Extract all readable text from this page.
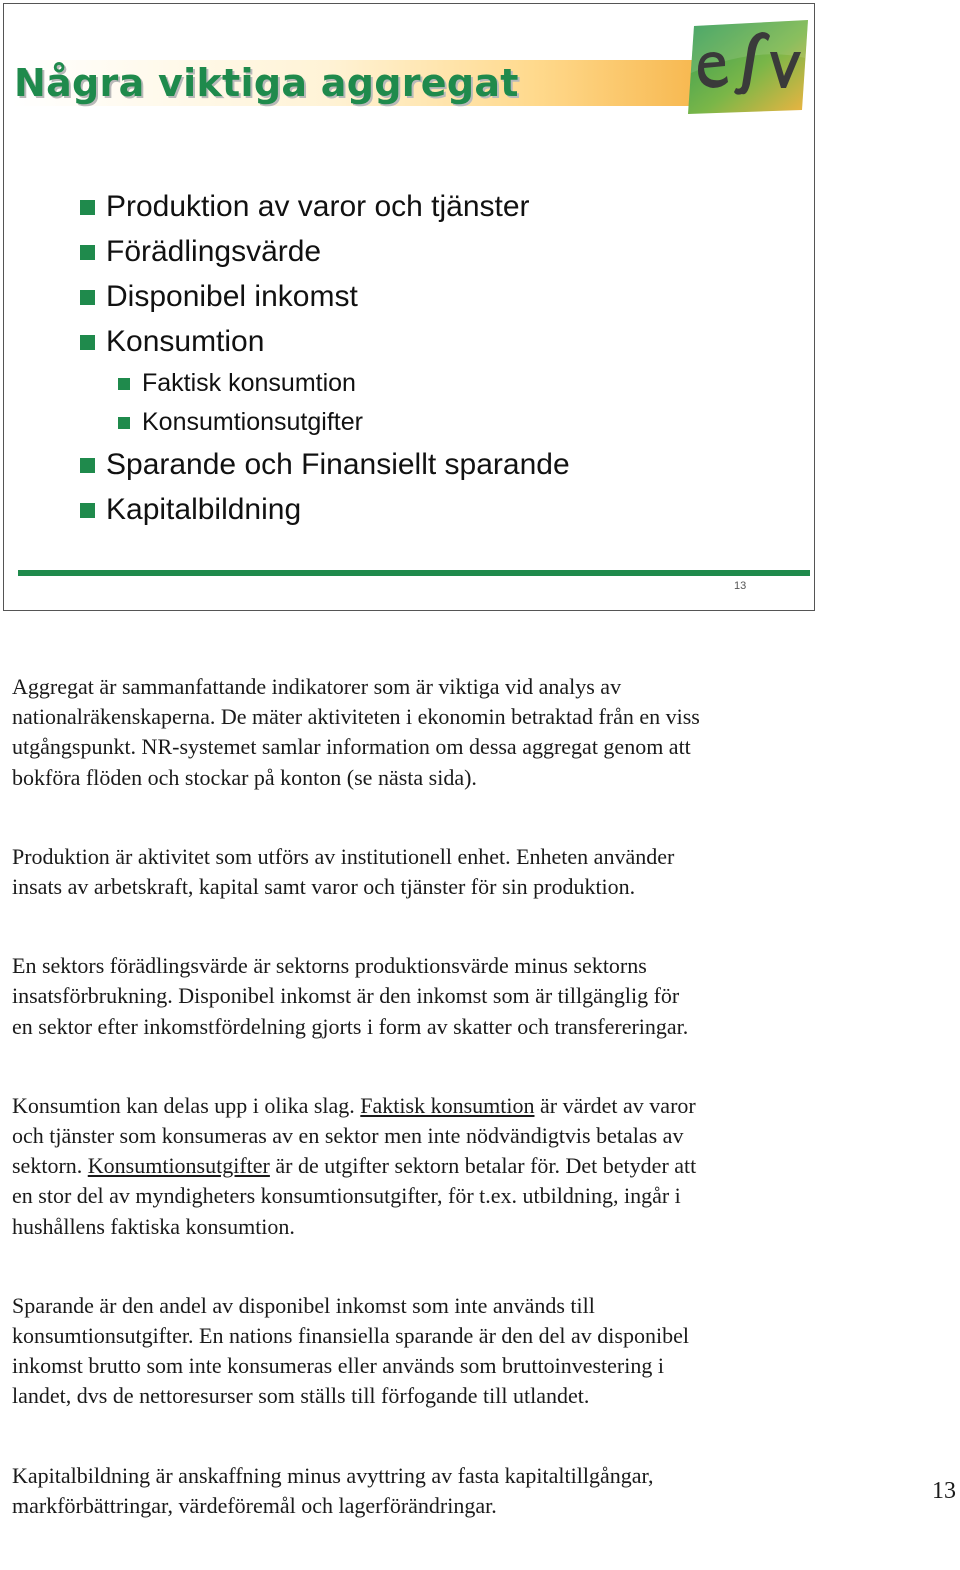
Några viktiga aggregat
Produktion av varor och tjänster
Förädlingsvärde
Disponibel inkomst
Konsumtion
Faktisk konsumtion
Konsumtionsutgifter
Sparande och Finansiellt sparande
Kapitalbildning
13

Aggregat är sammanfattande indikatorer som är viktiga vid analys av
nationalräkenskaperna. De mäter aktiviteten i ekonomin betraktad från en viss
utgångspunkt. NR-systemet samlar information om dessa aggregat genom att
bokföra flöden och stockar på konton (se nästa sida).

Produktion är aktivitet som utförs av institutionell enhet. Enheten använder
insats av arbetskraft, kapital samt varor och tjänster för sin produktion.

En sektors förädlingsvärde är sektorns produktionsvärde minus sektorns
insatsförbrukning. Disponibel inkomst är den inkomst som är tillgänglig för
en sektor efter inkomstfördelning gjorts i form av skatter och transfereringar.

Konsumtion kan delas upp i olika slag. Faktisk konsumtion är värdet av varor
och tjänster som konsumeras av en sektor men inte nödvändigtvis betalas av
sektorn. Konsumtionsutgifter är de utgifter sektorn betalar för. Det betyder att
en stor del av myndigheters konsumtionsutgifter, för t.ex. utbildning, ingår i
hushållens faktiska konsumtion.

Sparande är den andel av disponibel inkomst som inte används till
konsumtionsutgifter. En nations finansiella sparande är den del av disponibel
inkomst brutto som inte konsumeras eller används som bruttoinvestering i
landet, dvs de nettoresurser som ställs till förfogande till utlandet.

Kapitalbildning är anskaffning minus avyttring av fasta kapitaltillgångar,
markförbättringar, värdeföremål och lagerförändringar.

13
